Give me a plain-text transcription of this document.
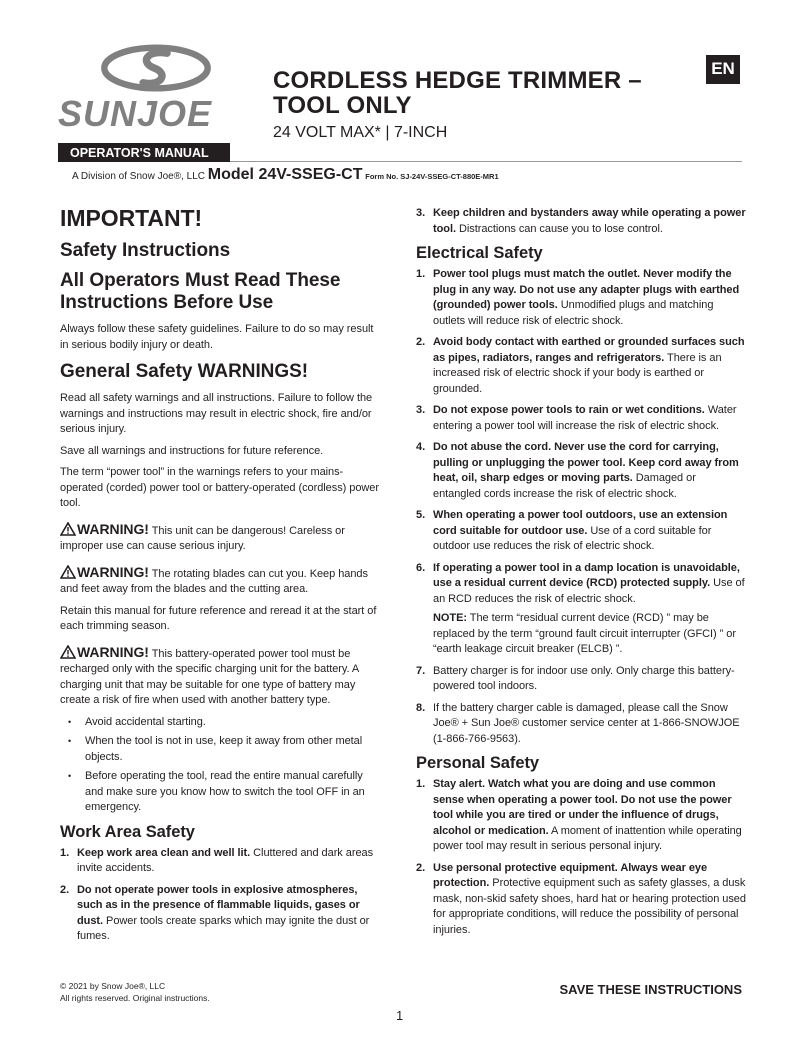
SUNJOE
OPERATOR'S MANUAL
CORDLESS HEDGE TRIMMER –
TOOL ONLY
24 VOLT MAX* | 7-INCH
EN
A Division of Snow Joe®, LLC Model 24V-SSEG-CT Form No. SJ-24V-SSEG-CT-880E-MR1
IMPORTANT!
Safety Instructions
All Operators Must Read These Instructions Before Use

Always follow these safety guidelines. Failure to do so may result in serious bodily injury or death.

General Safety WARNINGS!

Read all safety warnings and all instructions. Failure to follow the warnings and instructions may result in electric shock, fire and/or serious injury.

Save all warnings and instructions for future reference.

The term “power tool” in the warnings refers to your mains-operated (corded) power tool or battery-operated (cordless) power tool.

WARNING! This unit can be dangerous! Careless or improper use can cause serious injury.

WARNING! The rotating blades can cut you. Keep hands and feet away from the blades and the cutting area.

Retain this manual for future reference and reread it at the start of each trimming season.

WARNING! This battery-operated power tool must be recharged only with the specific charging unit for the battery. A charging unit that may be suitable for one type of battery may create a risk of fire when used with another battery type.

• Avoid accidental starting.
• When the tool is not in use, keep it away from other metal objects.
• Before operating the tool, read the entire manual carefully and make sure you know how to switch the tool OFF in an emergency.
Work Area Safety
1. Keep work area clean and well lit. Cluttered and dark areas invite accidents.
2. Do not operate power tools in explosive atmospheres, such as in the presence of flammable liquids, gases or dust. Power tools create sparks which may ignite the dust or fumes.
3. Keep children and bystanders away while operating a power tool. Distractions can cause you to lose control.
Electrical Safety
1. Power tool plugs must match the outlet. Never modify the plug in any way. Do not use any adapter plugs with earthed (grounded) power tools. Unmodified plugs and matching outlets will reduce risk of electric shock.
2. Avoid body contact with earthed or grounded surfaces such as pipes, radiators, ranges and refrigerators. There is an increased risk of electric shock if your body is earthed or grounded.
3. Do not expose power tools to rain or wet conditions. Water entering a power tool will increase the risk of electric shock.
4. Do not abuse the cord. Never use the cord for carrying, pulling or unplugging the power tool. Keep cord away from heat, oil, sharp edges or moving parts. Damaged or entangled cords increase the risk of electric shock.
5. When operating a power tool outdoors, use an extension cord suitable for outdoor use. Use of a cord suitable for outdoor use reduces the risk of electric shock.
6. If operating a power tool in a damp location is unavoidable, use a residual current device (RCD) protected supply. Use of an RCD reduces the risk of electric shock.

NOTE: The term “residual current device (RCD) ” may be replaced by the term “ground fault circuit interrupter (GFCI) ” or “earth leakage circuit breaker (ELCB) ”.

7. Battery charger is for indoor use only. Only charge this battery-powered tool indoors.
8. If the battery charger cable is damaged, please call the Snow Joe® + Sun Joe® customer service center at 1-866-SNOWJOE (1-866-766-9563).
Personal Safety
1. Stay alert. Watch what you are doing and use common sense when operating a power tool. Do not use the power tool while you are tired or under the influence of drugs, alcohol or medication. A moment of inattention while operating power tool may result in serious personal injury.
2. Use personal protective equipment. Always wear eye protection. Protective equipment such as safety glasses, a dusk mask, non-skid safety shoes, hard hat or hearing protection used for appropriate conditions, will reduce the possibility of personal injuries.
© 2021 by Snow Joe®, LLC
All rights reserved. Original instructions.
SAVE THESE INSTRUCTIONS
1
